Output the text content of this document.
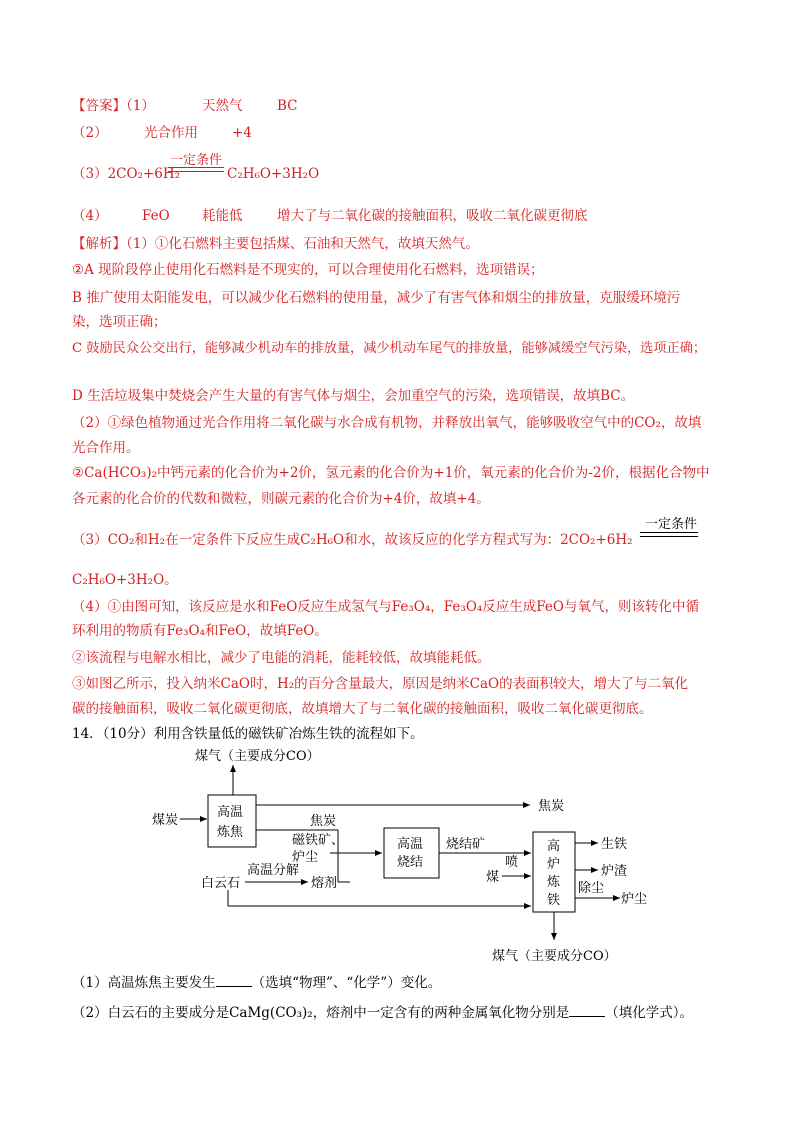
【答案】（1）	天然气	BC
（2）	光合作用	+4
一定条件
（3）2CO₂+6H₂	C₂H₆O+3H₂O
（4）	FeO 耗能低	增大了与二氧化碳的接触面积，吸收二氧化碳更彻底
【解析】（1）①化石燃料主要包括煤、石油和天然气，故填天然气。
②A 现阶段停止使用化石燃料是不现实的，可以合理使用化石燃料，选项错误；
B 推广使用太阳能发电，可以减少化石燃料的使用量，减少了有害气体和烟尘的排放量，克服缓环境污
染，选项正确；
C 鼓励民众公交出行，能够减少机动车的排放量，减少机动车尾气的排放量，能够减缓空气污染，选项正确；
D 生活垃圾集中焚烧会产生大量的有害气体与烟尘，会加重空气的污染，选项错误，故填BC。
（2）①绿色植物通过光合作用将二氧化碳与水合成有机物，并释放出氧气，能够吸收空气中的CO₂，故填
光合作用。
②Ca(HCO₃)₂中钙元素的化合价为+2价，氢元素的化合价为+1价，氧元素的化合价为-2价，根据化合物中
各元素的化合价的代数和微粒，则碳元素的化合价为+4价，故填+4。
一定条件
（3）CO₂和H₂在一定条件下反应生成C₂H₆O和水，故该反应的化学方程式写为：2CO₂+6H₂
C₂H₆O+3H₂O。
（4）①由图可知，该反应是水和FeO反应生成氢气与Fe₃O₄，Fe₃O₄反应生成FeO与氧气，则该转化中循
环利用的物质有Fe₃O₄和FeO，故填FeO。
②该流程与电解水相比，减少了电能的消耗，能耗较低，故填能耗低。
③如图乙所示，投入纳米CaO时，H₂的百分含量最大，原因是纳米CaO的表面积较大，增大了与二氧化
碳的接触面积，吸收二氧化碳更彻底，故填增大了与二氧化碳的接触面积，吸收二氧化碳更彻底。
14．（10分）利用含铁量低的磁铁矿冶炼生铁的流程如下。
煤气（主要成分CO）
煤炭
高温
炼焦
焦炭
焦炭
磁铁矿、
炉尘
高温
烧结
烧结矿
喷
煤
高温分解
白云石	熔剂
高
炉
炼
铁
生铁
炉渣
除尘
炉尘
煤气（主要成分CO）
（1）高温炼焦主要发生	（选填“物理”、“化学”）变化。
（2）白云石的主要成分是CaMg(CO₃)₂，熔剂中一定含有的两种金属氧化物分别是	（填化学式）。
